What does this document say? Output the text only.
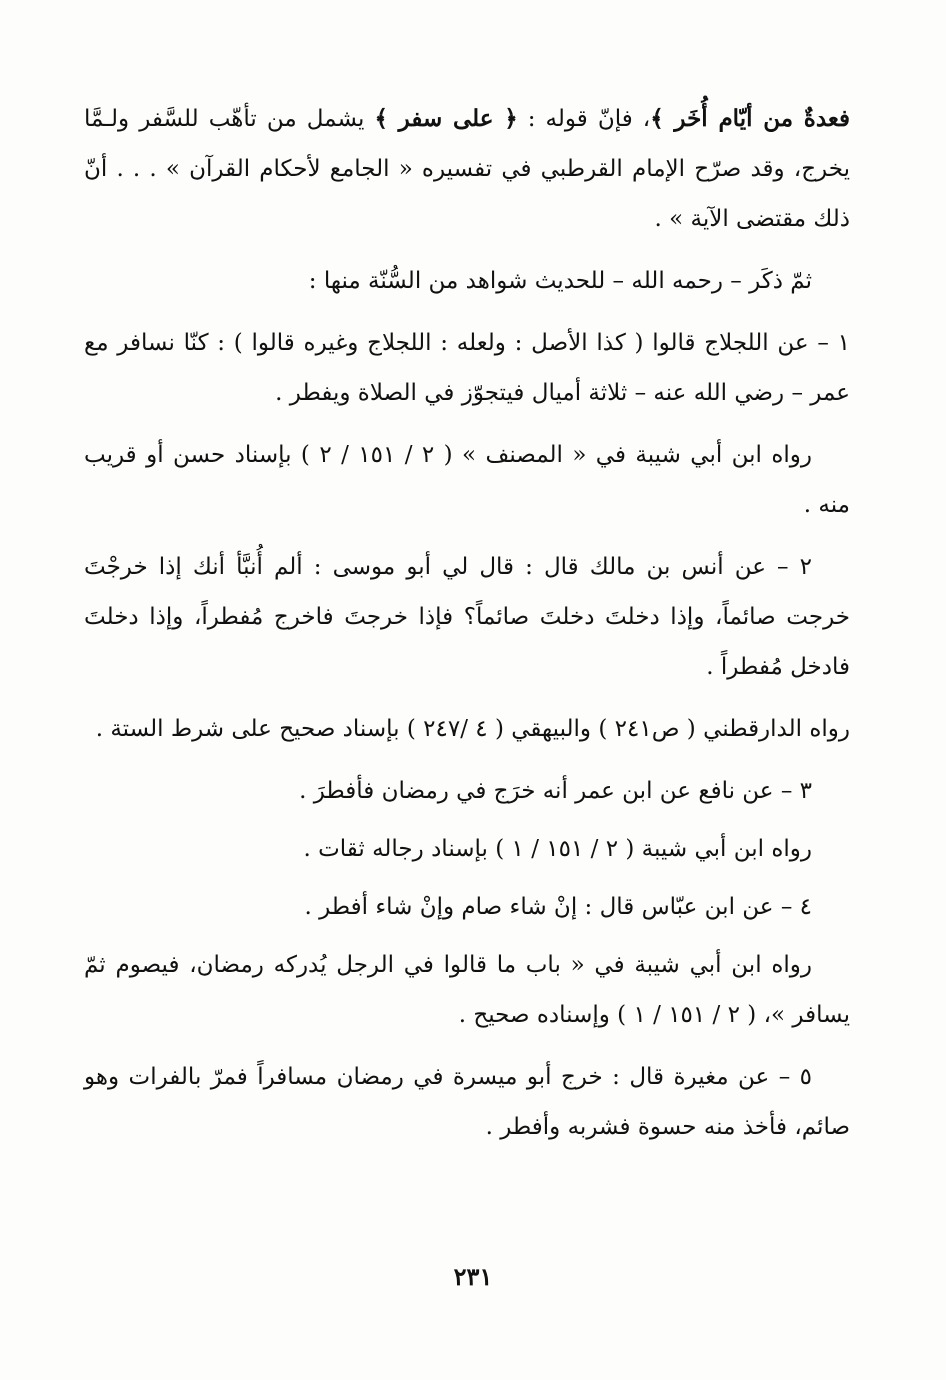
فعدةٌ من أيّام أُخَر ﴾، فإنّ قوله : ﴿ على سفر ﴾ يشمل من تأهّب للسَّفر ولـمَّا يخرج، وقد صرّح الإمام القرطبي في تفسيره « الجامع لأحكام القرآن » . . . أنّ ذلك مقتضى الآية » .

ثمّ ذكَر – رحمه الله – للحديث شواهد من السُّنّة منها :

١ – عن اللجلاج قالوا ( كذا الأصل : ولعله : اللجلاج وغيره قالوا ) : كنّا نسافر مع عمر – رضي الله عنه – ثلاثة أميال فيتجوّز في الصلاة ويفطر .

رواه ابن أبي شيبة في « المصنف » ( ٢ / ١٥١ / ٢ ) بإسناد حسن أو قريب منه .

٢ – عن أنس بن مالك قال : قال لي أبو موسى : ألم أُنبَّأ أنك إذا خرجْتَ خرجت صائماً، وإذا دخلتَ دخلتَ صائماً؟ فإذا خرجتَ فاخرج مُفطراً، وإذا دخلتَ فادخل مُفطراً .

رواه الدارقطني ( ص٢٤١ ) والبيهقي ( ٤ /٢٤٧ ) بإسناد صحيح على شرط الستة .

٣ – عن نافع عن ابن عمر أنه خرَج في رمضان فأفطرَ .

رواه ابن أبي شيبة ( ٢ / ١٥١ / ١ ) بإسناد رجاله ثقات .

٤ – عن ابن عبّاس قال : إنْ شاء صام وإنْ شاء أفطر .

رواه ابن أبي شيبة في « باب ما قالوا في الرجل يُدركه رمضان، فيصوم ثمّ يسافر »، ( ٢ / ١٥١ / ١ ) وإسناده صحيح .

٥ – عن مغيرة قال : خرج أبو ميسرة في رمضان مسافراً فمرّ بالفرات وهو صائم، فأخذ منه حسوة فشربه وأفطر .

٢٣١
